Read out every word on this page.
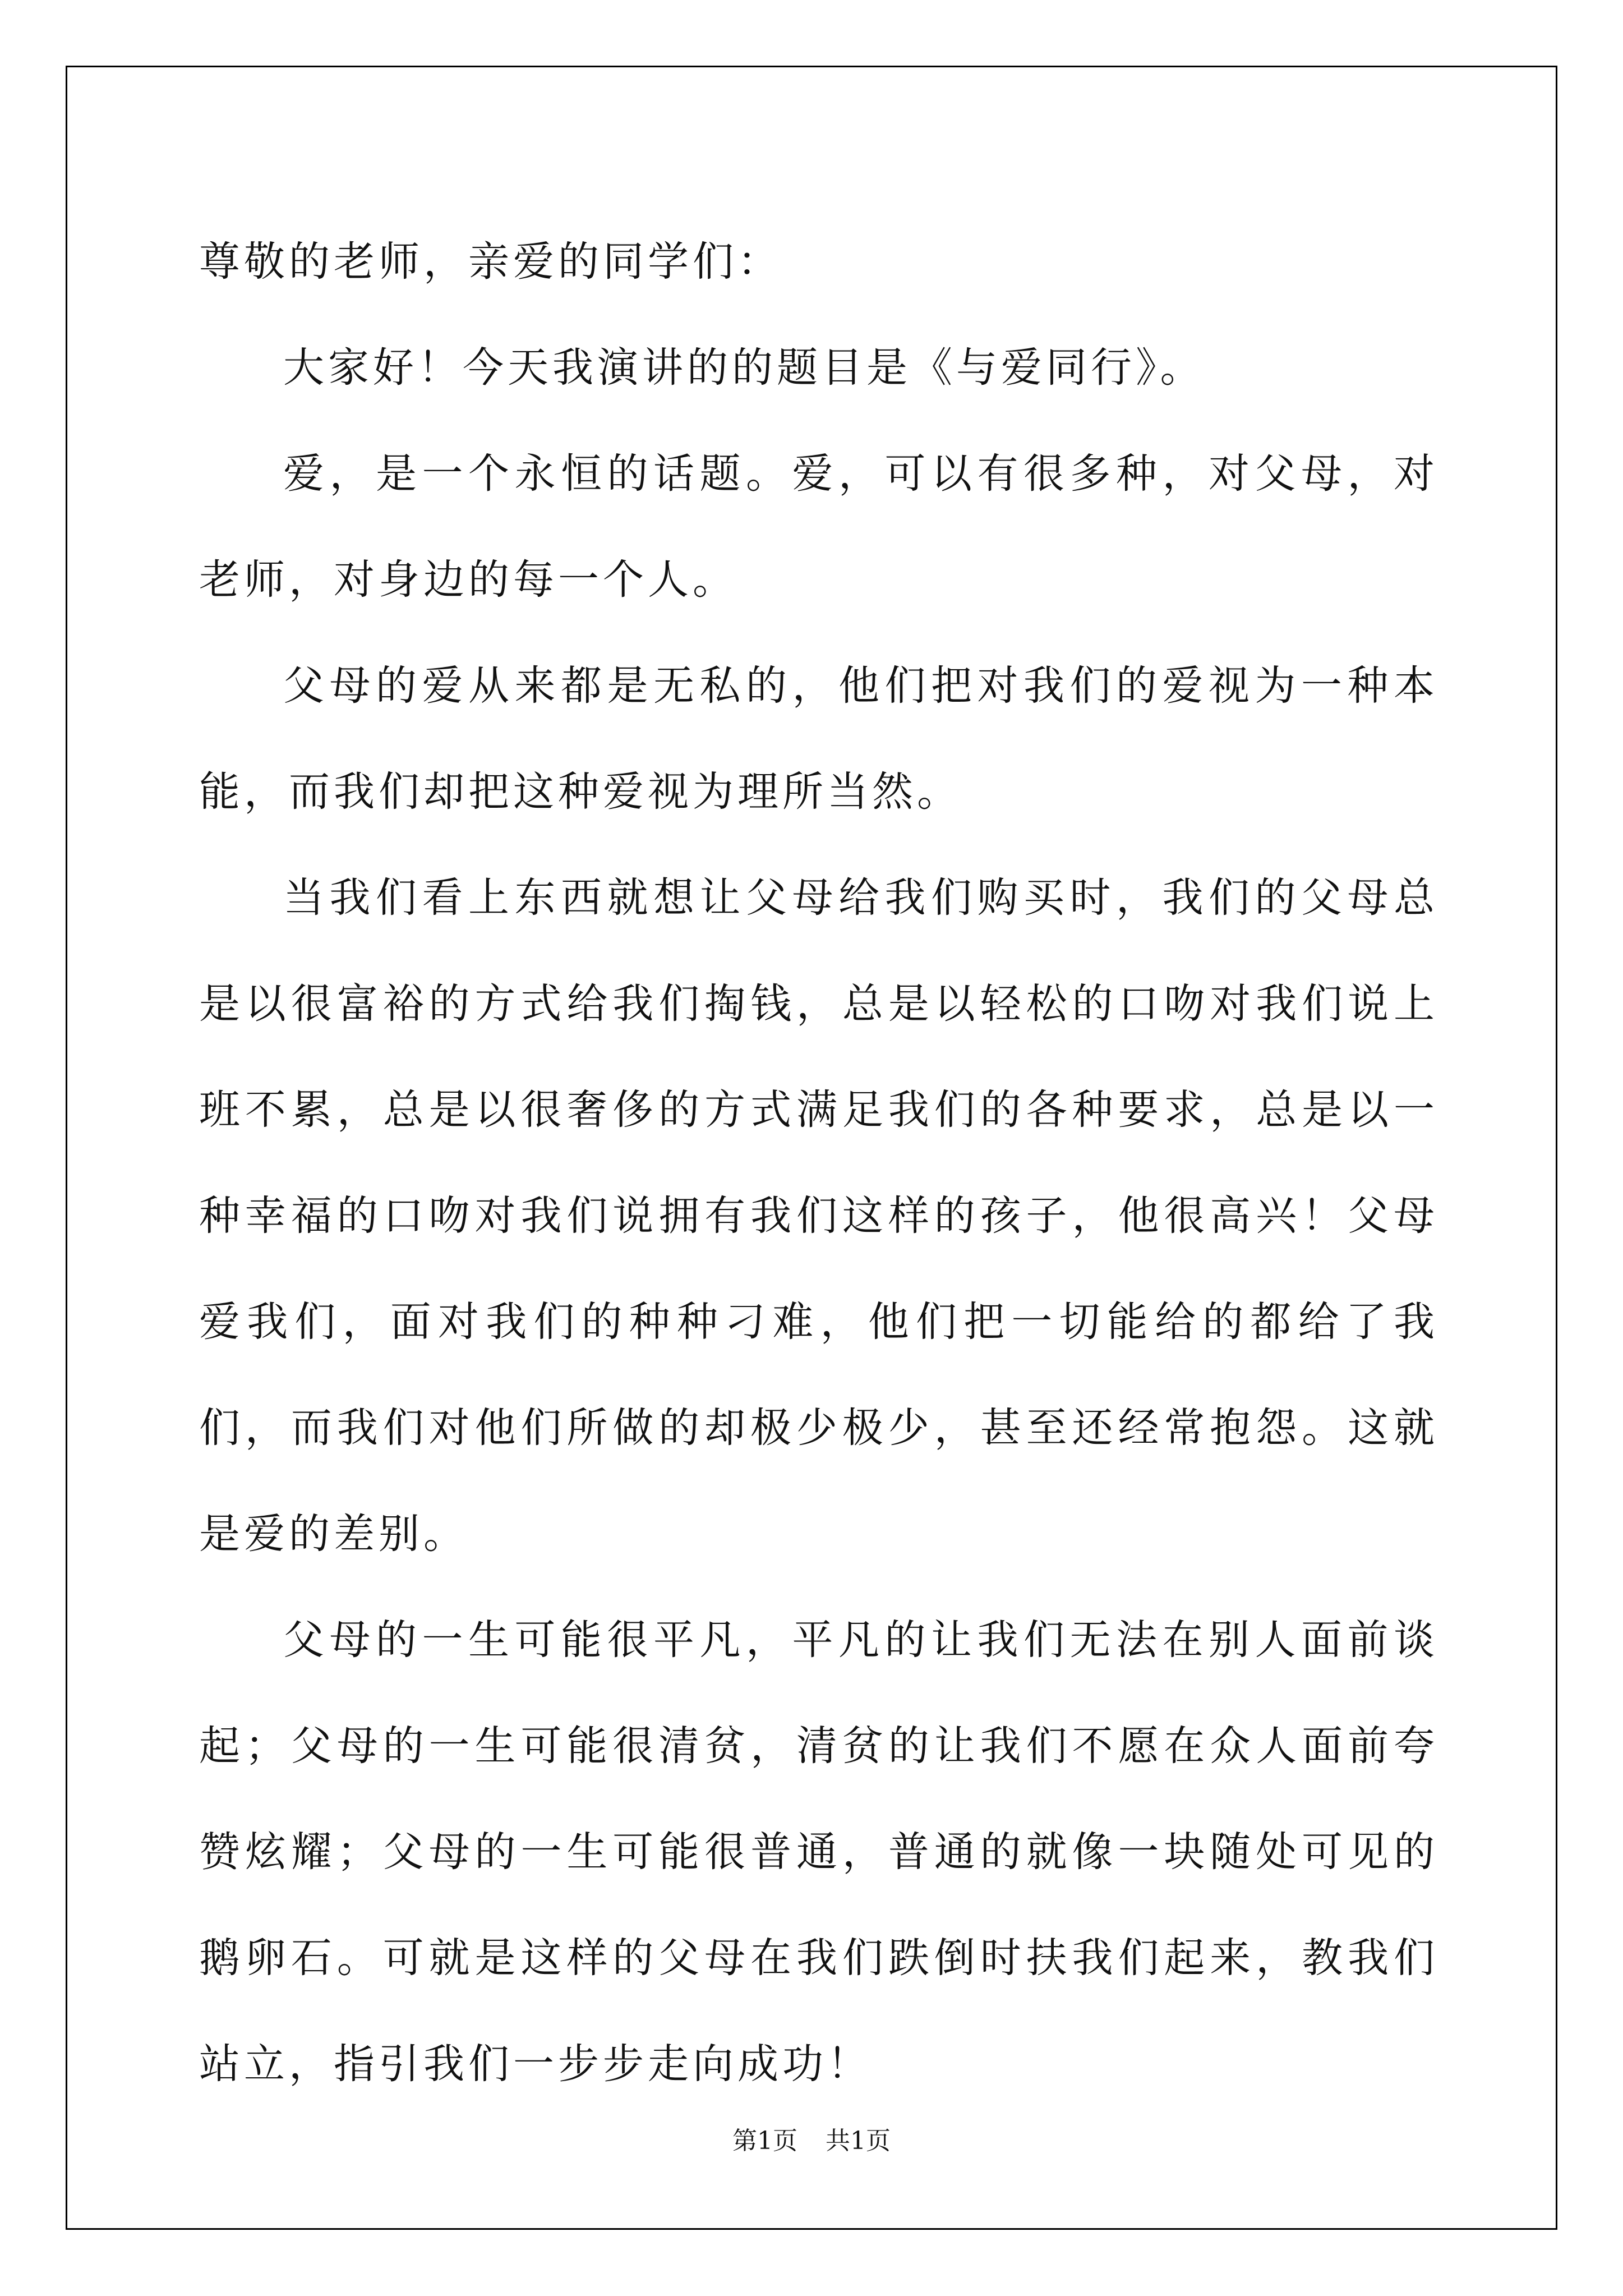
尊敬的老师，亲爱的同学们：

大家好！今天我演讲的的题目是《与爱同行》。

爱，是一个永恒的话题。爱，可以有很多种，对父母，对老师，对身边的每一个人。

父母的爱从来都是无私的，他们把对我们的爱视为一种本能，而我们却把这种爱视为理所当然。

当我们看上东西就想让父母给我们购买时，我们的父母总是以很富裕的方式给我们掏钱，总是以轻松的口吻对我们说上班不累，总是以很奢侈的方式满足我们的各种要求，总是以一种幸福的口吻对我们说拥有我们这样的孩子，他很高兴！父母爱我们，面对我们的种种刁难，他们把一切能给的都给了我们，而我们对他们所做的却极少极少，甚至还经常抱怨。这就是爱的差别。

父母的一生可能很平凡，平凡的让我们无法在别人面前谈起；父母的一生可能很清贫，清贫的让我们不愿在众人面前夸赞炫耀；父母的一生可能很普通，普通的就像一块随处可见的鹅卵石。可就是这样的父母在我们跌倒时扶我们起来，教我们站立，指引我们一步步走向成功！

第1页 共1页
